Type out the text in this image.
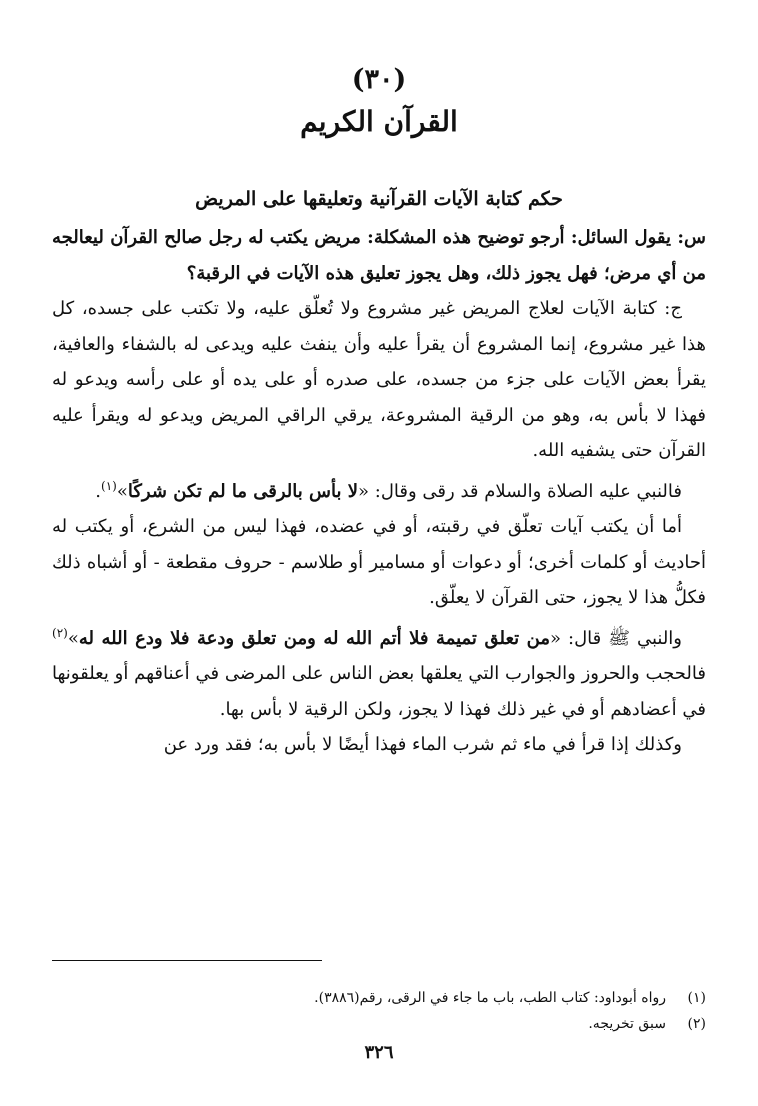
(٣٠)
القرآن الكريم
حكم كتابة الآيات القرآنية وتعليقها على المريض

س: يقول السائل: أرجو توضيح هذه المشكلة: مريض يكتب له رجل صالح القرآن ليعالجه من أي مرض؛ فهل يجوز ذلك، وهل يجوز تعليق هذه الآيات في الرقبة؟

ج: كتابة الآيات لعلاج المريض غير مشروع ولا تُعلّق عليه، ولا تكتب على جسده، كل هذا غير مشروع، إنما المشروع أن يقرأ عليه وأن ينفث عليه ويدعى له بالشفاء والعافية، يقرأ بعض الآيات على جزء من جسده، على صدره أو على يده أو على رأسه ويدعو له فهذا لا بأس به، وهو من الرقية المشروعة، يرقي الراقي المريض ويدعو له ويقرأ عليه القرآن حتى يشفيه الله.

فالنبي عليه الصلاة والسلام قد رقى وقال: «لا بأس بالرقى ما لم تكن شركًا»$^{(١)}$.

أما أن يكتب آيات تعلّق في رقبته، أو في عضده، فهذا ليس من الشرع، أو يكتب له أحاديث أو كلمات أخرى؛ أو دعوات أو مسامير أو طلاسم - حروف مقطعة - أو أشباه ذلك فكلُّ هذا لا يجوز، حتى القرآن لا يعلّق.

والنبي ﷺ قال: «من تعلق تميمة فلا أتم الله له ومن تعلق ودعة فلا ودع الله له»$^{(٢)}$ فالحجب والحروز والجوارب التي يعلقها بعض الناس على المرضى في أعناقهم أو يعلقونها في أعضادهم أو في غير ذلك فهذا لا يجوز، ولكن الرقية لا بأس بها.

وكذلك إذا قرأ في ماء ثم شرب الماء فهذا أيضًا لا بأس به؛ فقد ورد عن

(١)رواه أبوداود: كتاب الطب، باب ما جاء في الرقى، رقم(٣٨٨٦).
(٢)سبق تخريجه.
٣٢٦
